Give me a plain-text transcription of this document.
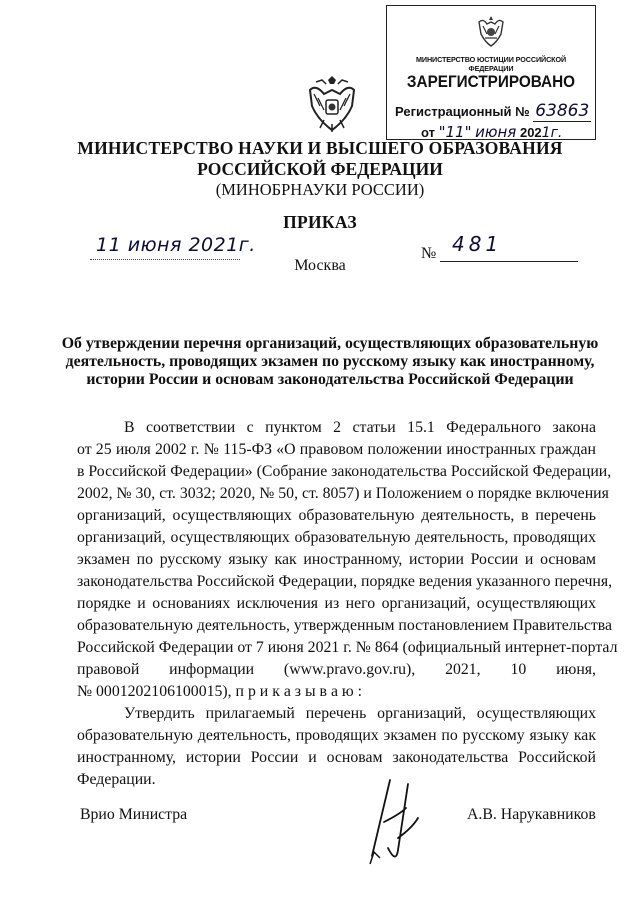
МИНИСТЕРСТВО ЮСТИЦИИ РОССИЙСКОЙ ФЕДЕРАЦИИ
ЗАРЕГИСТРИРОВАНО
Регистрационный № 63863
от "11" июня 2021г.
МИНИСТЕРСТВО НАУКИ И ВЫСШЕГО ОБРАЗОВАНИЯ
РОССИЙСКОЙ ФЕДЕРАЦИИ
(МИНОБРНАУКИ РОССИИ)
ПРИКАЗ
11 июня 2021г.	№ 481
Москва
Об утверждении перечня организаций, осуществляющих образовательную
деятельность, проводящих экзамен по русскому языку как иностранному,
истории России и основам законодательства Российской Федерации
В соответствии с пунктом 2 статьи 15.1 Федерального закона
от 25 июля 2002 г. № 115-ФЗ «О правовом положении иностранных граждан
в Российской Федерации» (Собрание законодательства Российской Федерации,
2002, № 30, ст. 3032; 2020, № 50, ст. 8057) и Положением о порядке включения
организаций, осуществляющих образовательную деятельность, в перечень
организаций, осуществляющих образовательную деятельность, проводящих
экзамен по русскому языку как иностранному, истории России и основам
законодательства Российской Федерации, порядке ведения указанного перечня,
порядке и основаниях исключения из него организаций, осуществляющих
образовательную деятельность, утвержденным постановлением Правительства
Российской Федерации от 7 июня 2021 г. № 864 (официальный интернет-портал
правовой информации (www.pravo.gov.ru), 2021, 10 июня,
№ 0001202106100015), п р и к а з ы в а ю :
Утвердить прилагаемый перечень организаций, осуществляющих
образовательную деятельность, проводящих экзамен по русскому языку как
иностранному, истории России и основам законодательства Российской
Федерации.
Врио Министра	А.В. Нарукавников
